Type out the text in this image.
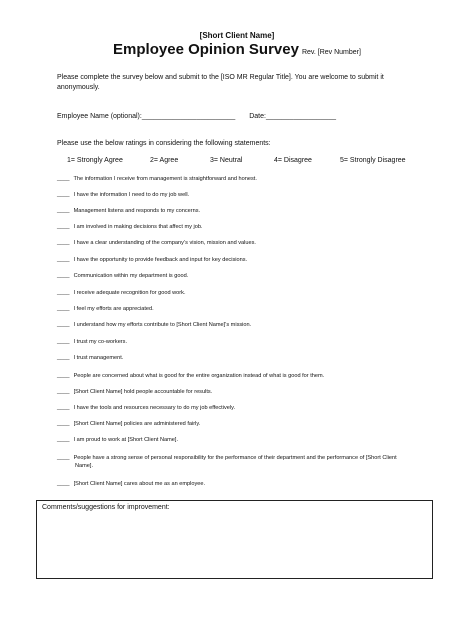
[Short Client Name]
Employee Opinion Survey Rev. [Rev Number]
Please complete the survey below and submit to the [ISO MR Regular Title]. You are welcome to submit it anonymously.
Employee Name (optional):________________________ Date:__________________
Please use the below ratings in considering the following statements:
1= Strongly Agree	2= Agree	3= Neutral	4= Disagree	5= Strongly Disagree
____ The information I receive from management is straightforward and honest.
____ I have the information I need to do my job well.
____ Management listens and responds to my concerns.
____ I am involved in making decisions that affect my job.
____ I have a clear understanding of the company’s vision, mission and values.
____ I have the opportunity to provide feedback and input for key decisions.
____ Communication within my department is good.
____ I receive adequate recognition for good work.
____ I feel my efforts are appreciated.
____ I understand how my efforts contribute to [Short Client Name]’s mission.
____ I trust my co-workers.
____ I trust management.
____ People are concerned about what is good for the entire organization instead of what is good for them.
____ [Short Client Name] hold people accountable for results.
____ I have the tools and resources necessary to do my job effectively.
____ [Short Client Name] policies are administered fairly.
____ I am proud to work at [Short Client Name].
____ People have a strong sense of personal responsibility for the performance of their department and the performance of [Short Client Name].
____ [Short Client Name] cares about me as an employee.
Comments/suggestions for improvement:
